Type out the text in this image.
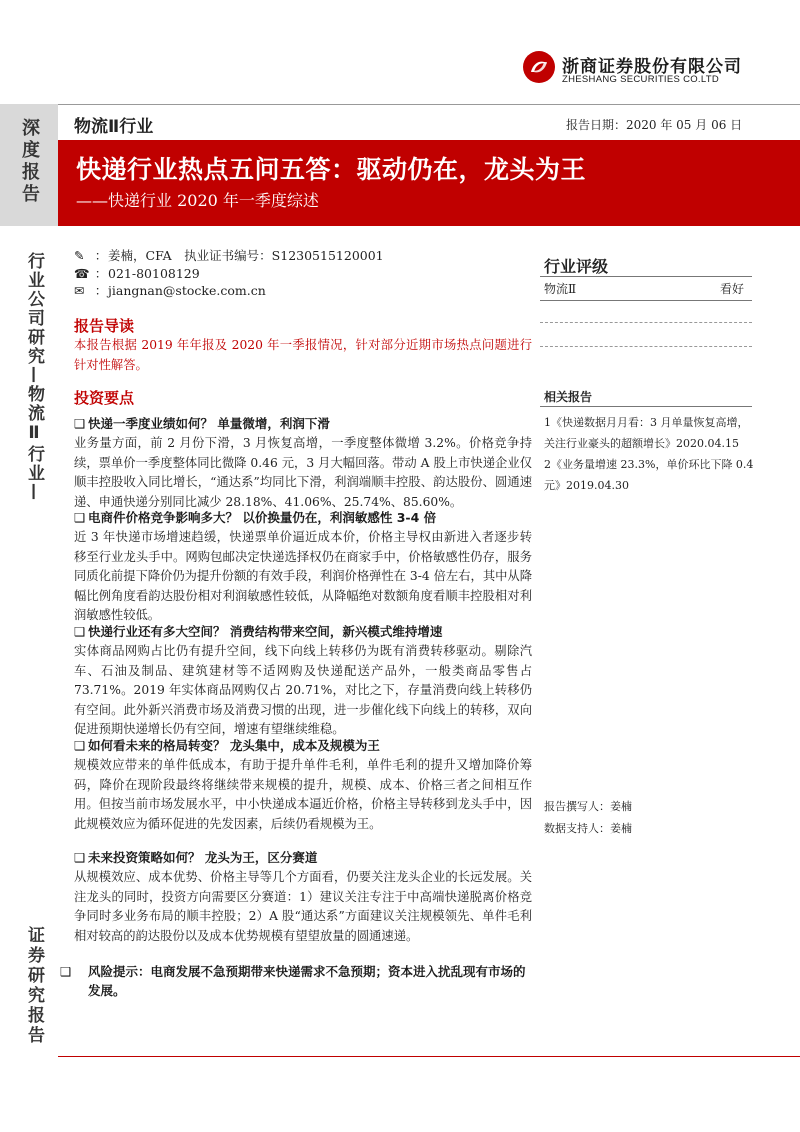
浙商证券股份有限公司
ZHESHANG SECURITIES CO.LTD
深度报告
行业公司研究—物流Ⅱ行业—
证券研究报告
物流Ⅱ行业	报告日期：2020 年 05 月 06 日
快递行业热点五问五答：驱动仍在，龙头为王
——快递行业 2020 年一季度综述
✎ ：姜楠，CFA　执业证书编号：S1230515120001
☎ ：021-80108129
✉ ：jiangnan@stocke.com.cn
行业评级
物流Ⅱ	看好
相关报告
1《快递数据月月看：3 月单量恢复高增，关注行业豪头的超额增长》2020.04.15
2《业务量增速 23.3%，单价环比下降 0.4 元》2019.04.30
报告撰写人：姜楠
数据支持人：姜楠
报告导读
本报告根据 2019 年年报及 2020 年一季报情况，针对部分近期市场热点问题进行针对性解答。
投资要点
❑ 快递一季度业绩如何？ 单量微增，利润下滑
业务量方面，前 2 月份下滑，3 月恢复高增，一季度整体微增 3.2%。价格竞争持续，票单价一季度整体同比微降 0.46 元，3 月大幅回落。带动 A 股上市快递企业仅顺丰控股收入同比增长，“通达系”均同比下滑，利润端顺丰控股、韵达股份、圆通速递、申通快递分别同比减少 28.18%、41.06%、25.74%、85.60%。
❑ 电商件价格竞争影响多大？ 以价换量仍在，利润敏感性 3-4 倍
近 3 年快递市场增速趋缓，快递票单价逼近成本价，价格主导权由新进入者逐步转移至行业龙头手中。网购包邮决定快递选择权仍在商家手中，价格敏感性仍存，服务同质化前提下降价仍为提升份额的有效手段，利润价格弹性在 3-4 倍左右，其中从降幅比例角度看韵达股份相对利润敏感性较低，从降幅绝对数额角度看顺丰控股相对利润敏感性较低。
❑ 快递行业还有多大空间？ 消费结构带来空间，新兴模式维持增速
实体商品网购占比仍有提升空间，线下向线上转移仍为既有消费转移驱动。剔除汽车、石油及制品、建筑建材等不适网购及快递配送产品外，一般类商品零售占 73.71%。2019 年实体商品网购仅占 20.71%，对比之下，存量消费向线上转移仍有空间。此外新兴消费市场及消费习惯的出现，进一步催化线下向线上的转移，双向促进预期快递增长仍有空间，增速有望继续维稳。
❑ 如何看未来的格局转变？ 龙头集中，成本及规模为王
规模效应带来的单件低成本，有助于提升单件毛利，单件毛利的提升又增加降价筹码，降价在现阶段最终将继续带来规模的提升，规模、成本、价格三者之间相互作用。但按当前市场发展水平，中小快递成本逼近价格，价格主导转移到龙头手中，因此规模效应为循环促进的先发因素，后续仍看规模为王。
❑ 未来投资策略如何？ 龙头为王，区分赛道
从规模效应、成本优势、价格主导等几个方面看，仍要关注龙头企业的长远发展。关注龙头的同时，投资方向需要区分赛道：1）建议关注专注于中高端快递脱离价格竞争同时多业务布局的顺丰控股；2）A 股“通达系”方面建议关注规模领先、单件毛利相对较高的韵达股份以及成本优势规模有望望放量的圆通速递。
❑ 风险提示：电商发展不急预期带来快递需求不急预期；资本进入扰乱现有市场的发展。
